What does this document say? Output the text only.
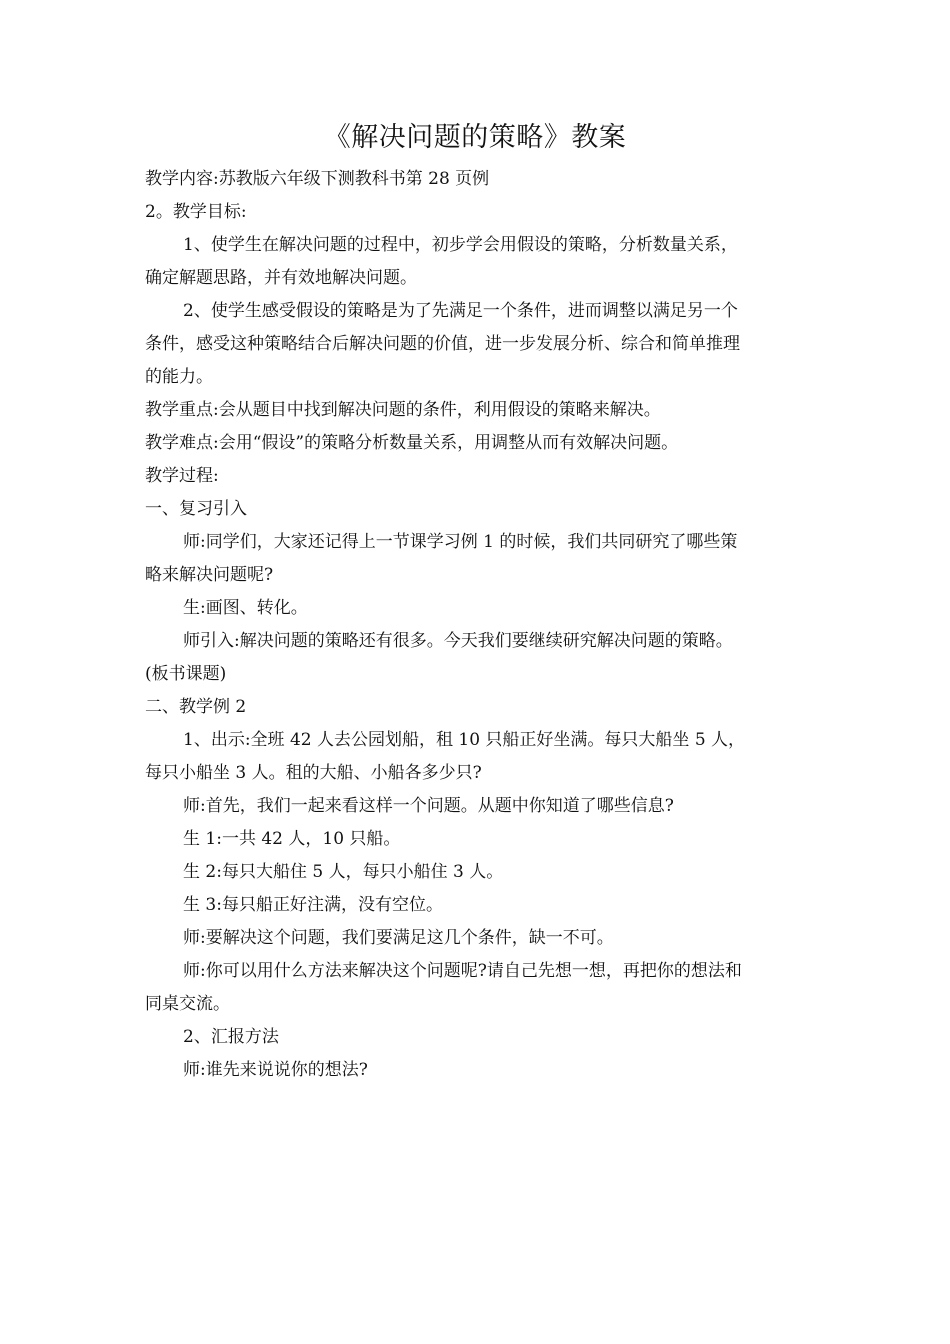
《解决问题的策略》教案
教学内容:苏教版六年级下测教科书第 28 页例
2。教学目标:
1、使学生在解决问题的过程中，初步学会用假设的策略，分析数量关系，
确定解题思路，并有效地解决问题。
2、使学生感受假设的策略是为了先满足一个条件，进而调整以满足另一个
条件，感受这种策略结合后解决问题的价值，进一步发展分析、综合和简单推理
的能力。
教学重点:会从题目中找到解决问题的条件，利用假设的策略来解决。
教学难点:会用“假设”的策略分析数量关系，用调整从而有效解决问题。
教学过程:
一、复习引入
师:同学们，大家还记得上一节课学习例 1 的时候，我们共同研究了哪些策
略来解决问题呢?
生:画图、转化。
师引入:解决问题的策略还有很多。今天我们要继续研究解决问题的策略。
(板书课题)
二、教学例 2
1、出示:全班 42 人去公园划船，租 10 只船正好坐满。每只大船坐 5 人，
每只小船坐 3 人。租的大船、小船各多少只?
师:首先，我们一起来看这样一个问题。从题中你知道了哪些信息?
生 1:一共 42 人，10 只船。
生 2:每只大船住 5 人，每只小船住 3 人。
生 3:每只船正好注满，没有空位。
师:要解决这个问题，我们要满足这几个条件，缺一不可。
师:你可以用什么方法来解决这个问题呢?请自己先想一想，再把你的想法和
同桌交流。
2、汇报方法
师:谁先来说说你的想法?
